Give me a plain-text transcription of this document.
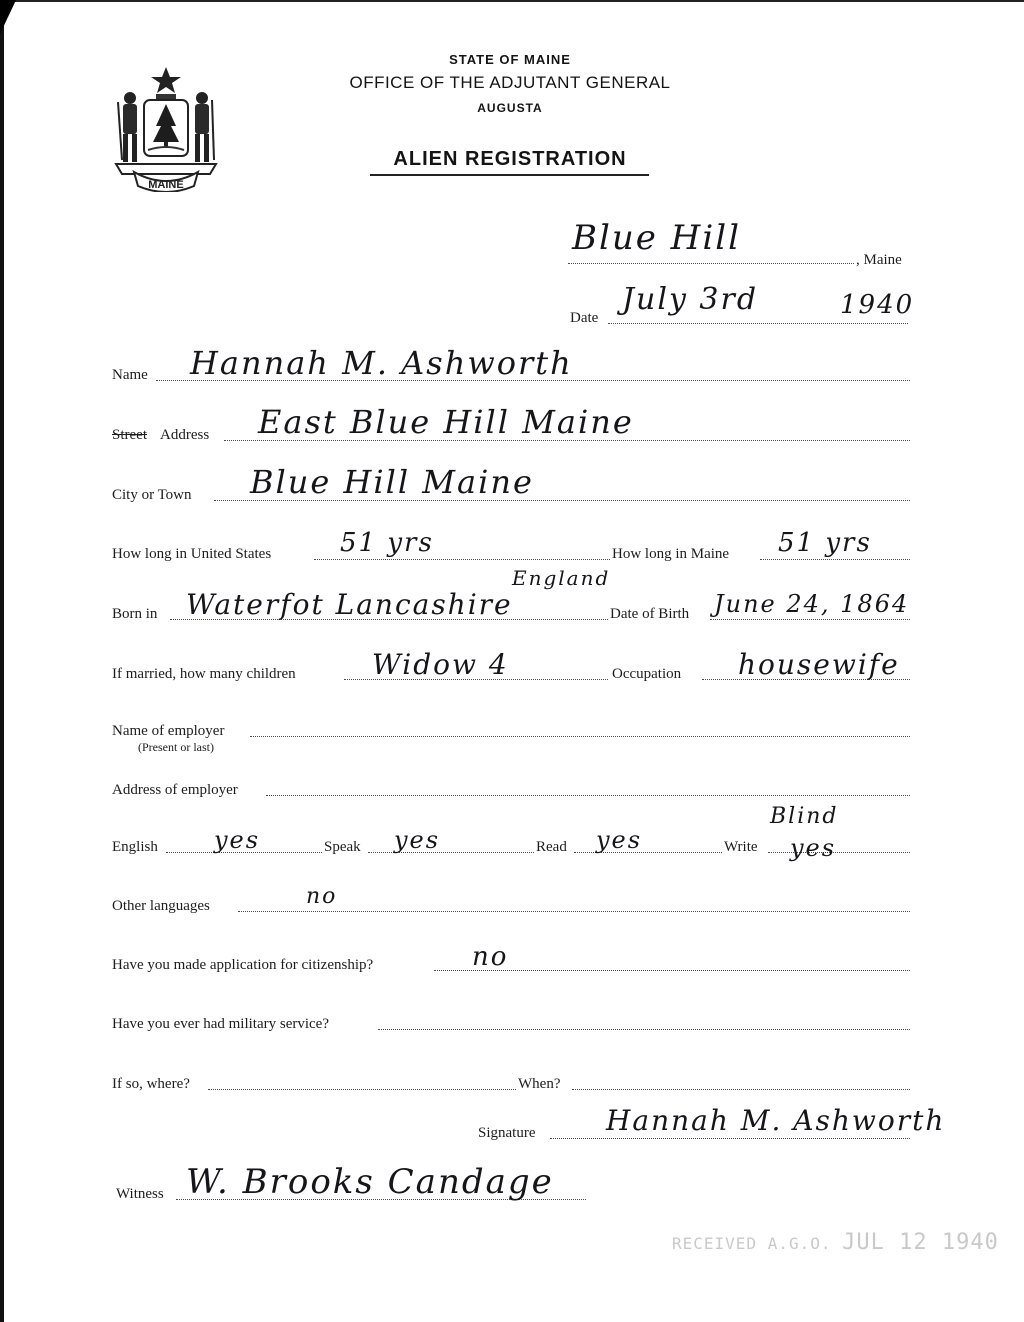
MAINE
STATE OF MAINE
OFFICE OF THE ADJUTANT GENERAL
AUGUSTA
ALIEN REGISTRATION
Blue Hill
, Maine
Date
July 3rd	1940
Name Hannah M. Ashworth
Street Address East Blue Hill Maine
City or Town Blue Hill Maine
How long in United States	51 yrs	How long in Maine 51 yrs
Born in Waterfot Lancashire
England
Date of Birth June 24, 1864
If married, how many children	Widow 4	Occupation housewife
Name of employer
(Present or last)
Address of employer
English yes	Speak yes	Read yes	Write yes
Blind
Other languages	no
Have you made application for citizenship?	no
Have you ever had military service?
If so, where?	When?
Signature	Hannah M. Ashworth
Witness W. Brooks Candage
RECEIVED A.G.O. JUL 12 1940
